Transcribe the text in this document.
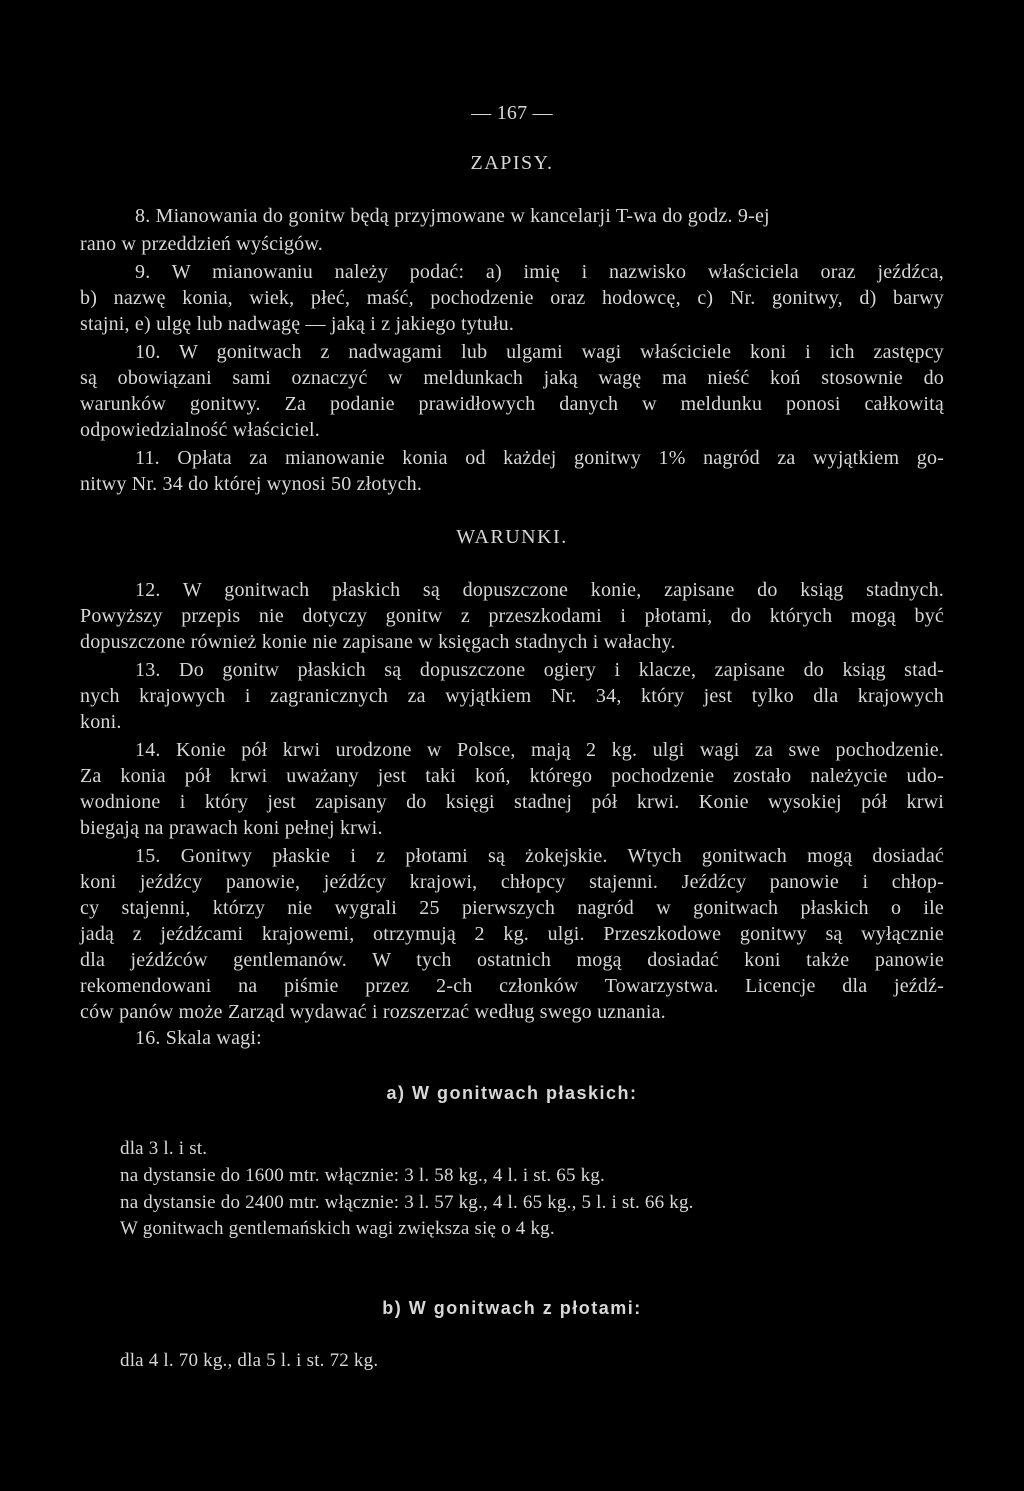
— 167 —
ZAPISY.
8. Mianowania do gonitw będą przyjmowane w kancelarji T-wa do godz. 9-ej
rano w przeddzień wyścigów.
9. W mianowaniu należy podać: a) imię i nazwisko właściciela oraz jeźdźca,
b) nazwę konia, wiek, płeć, maść, pochodzenie oraz hodowcę, c) Nr. gonitwy, d) barwy
stajni, e) ulgę lub nadwagę — jaką i z jakiego tytułu.
10. W gonitwach z nadwagami lub ulgami wagi właściciele koni i ich zastępcy
są obowiązani sami oznaczyć w meldunkach jaką wagę ma nieść koń stosownie do
warunków gonitwy. Za podanie prawidłowych danych w meldunku ponosi całkowitą
odpowiedzialność właściciel.
11. Opłata za mianowanie konia od każdej gonitwy 1% nagród za wyjątkiem go-
nitwy Nr. 34 do której wynosi 50 złotych.
WARUNKI.
12. W gonitwach płaskich są dopuszczone konie, zapisane do ksiąg stadnych.
Powyższy przepis nie dotyczy gonitw z przeszkodami i płotami, do których mogą być
dopuszczone również konie nie zapisane w księgach stadnych i wałachy.
13. Do gonitw płaskich są dopuszczone ogiery i klacze, zapisane do ksiąg stad-
nych krajowych i zagranicznych za wyjątkiem Nr. 34, który jest tylko dla krajowych
koni.
14. Konie pół krwi urodzone w Polsce, mają 2 kg. ulgi wagi za swe pochodzenie.
Za konia pół krwi uważany jest taki koń, którego pochodzenie zostało należycie udo-
wodnione i który jest zapisany do księgi stadnej pół krwi. Konie wysokiej pół krwi
biegają na prawach koni pełnej krwi.
15. Gonitwy płaskie i z płotami są żokejskie. Wtych gonitwach mogą dosiadać
koni jeźdźcy panowie, jeźdźcy krajowi, chłopcy stajenni. Jeźdźcy panowie i chłop-
cy stajenni, którzy nie wygrali 25 pierwszych nagród w gonitwach płaskich o ile
jadą z jeźdźcami krajowemi, otrzymują 2 kg. ulgi. Przeszkodowe gonitwy są wyłącznie
dla jeźdźców gentlemanów. W tych ostatnich mogą dosiadać koni także panowie
rekomendowani na piśmie przez 2-ch członków Towarzystwa. Licencje dla jeźdź-
ców panów może Zarząd wydawać i rozszerzać według swego uznania.
16. Skala wagi:
a) W gonitwach płaskich:
dla 3 l. i st.
na dystansie do 1600 mtr. włącznie: 3 l. 58 kg., 4 l. i st. 65 kg.
na dystansie do 2400 mtr. włącznie: 3 l. 57 kg., 4 l. 65 kg., 5 l. i st. 66 kg.
W gonitwach gentlemańskich wagi zwiększa się o 4 kg.
b) W gonitwach z płotami:
dla 4 l. 70 kg., dla 5 l. i st. 72 kg.
